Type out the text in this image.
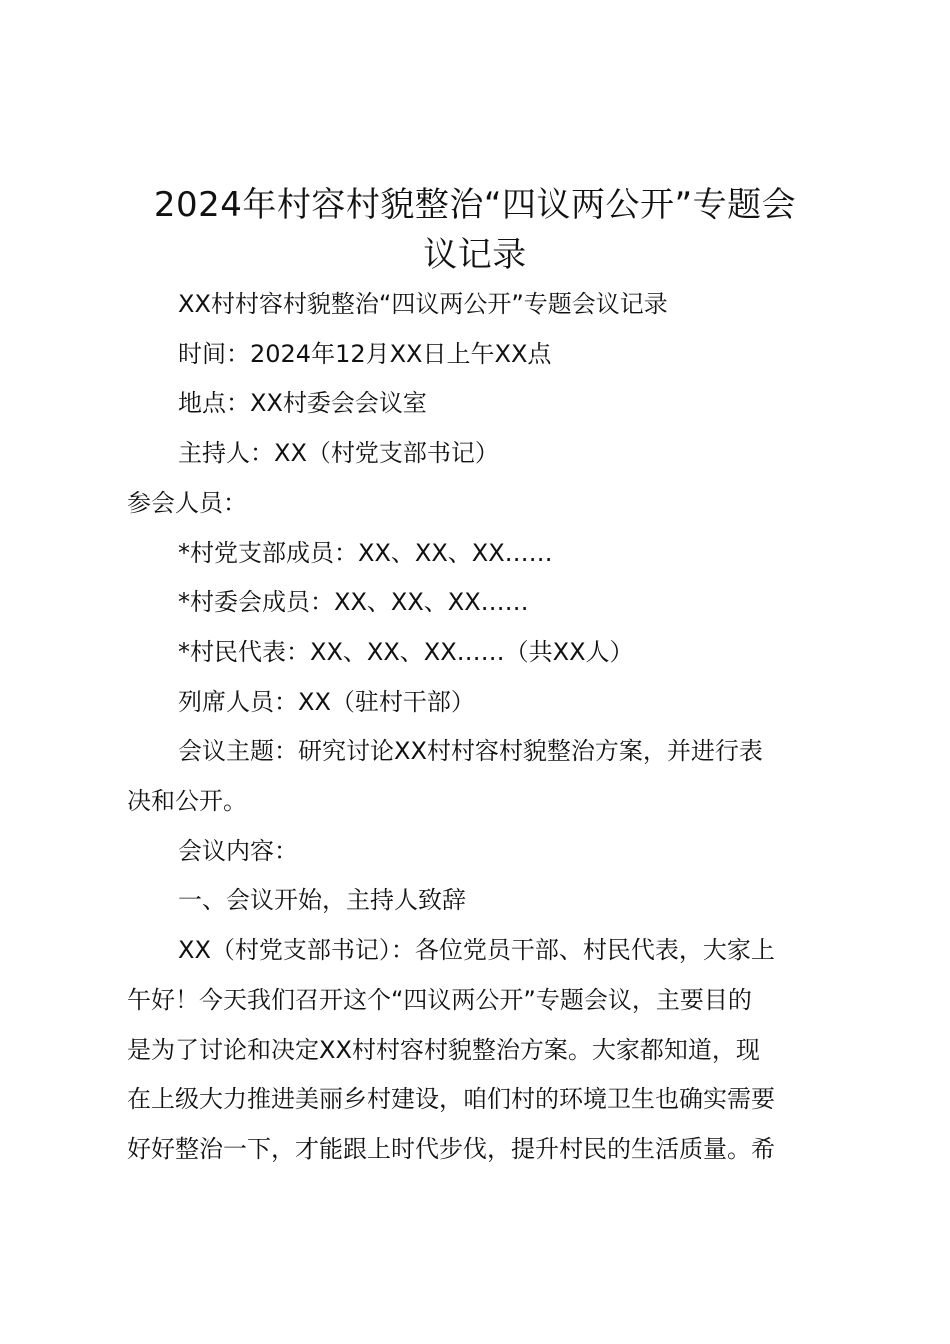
2024年村容村貌整治“四议两公开”专题会
议记录

XX村村容村貌整治“四议两公开”专题会议记录

时间：2024年12月XX日上午XX点

地点：XX村委会会议室

主持人：XX（村党支部书记）

参会人员：

*村党支部成员：XX、XX、XX……

*村委会成员：XX、XX、XX……

*村民代表：XX、XX、XX……（共XX人）

列席人员：XX（驻村干部）

会议主题：研究讨论XX村村容村貌整治方案，并进行表

决和公开。

会议内容：

一、会议开始，主持人致辞

XX（村党支部书记）：各位党员干部、村民代表，大家上

午好！今天我们召开这个“四议两公开”专题会议，主要目的

是为了讨论和决定XX村村容村貌整治方案。大家都知道，现

在上级大力推进美丽乡村建设，咱们村的环境卫生也确实需要

好好整治一下，才能跟上时代步伐，提升村民的生活质量。希
